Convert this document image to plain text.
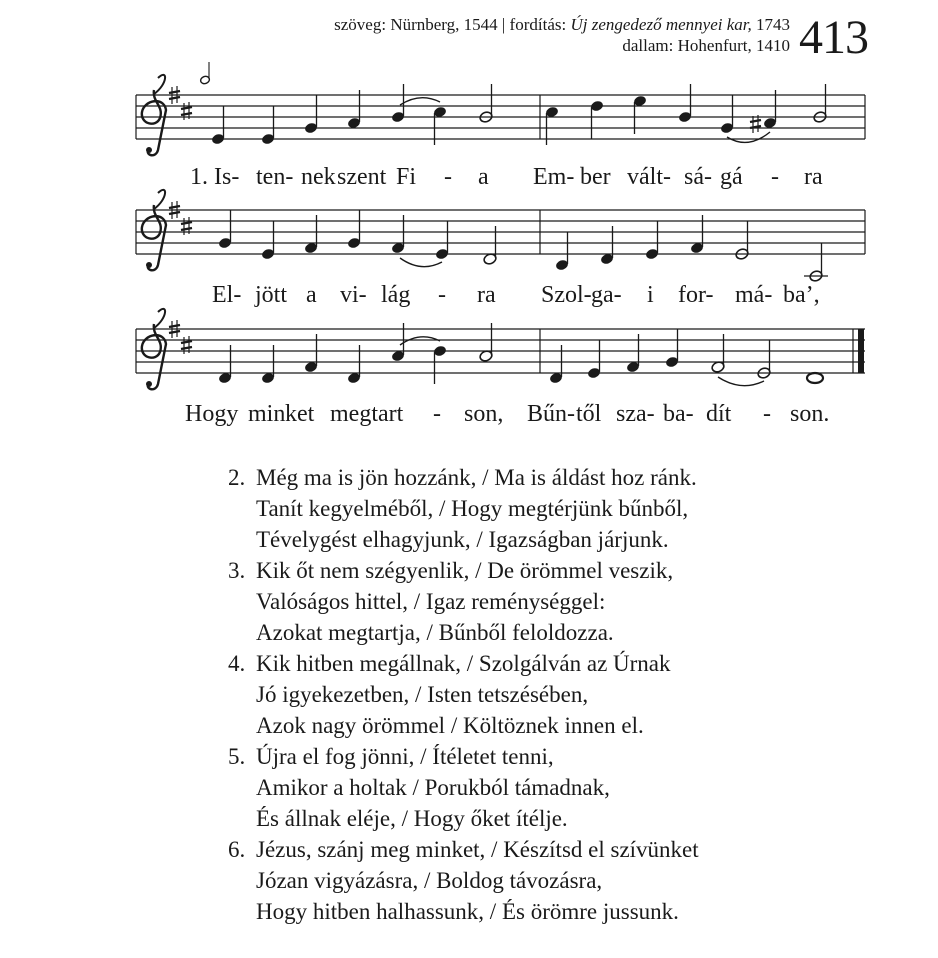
szöveg: Nürnberg, 1544 | fordítás: Új zengedező mennyei kar, 1743
dallam: Hohenfurt, 1410 413
1. Is- ten- nek szent Fi - a Em- ber vált- sá- gá - ra
El- jött a vi- lág - ra Szol- ga- i for- má- ba’,
Hogy min ket megtart - son, Bűn- től sza- ba- dít - son.
2. Még ma is jön hozzánk, / Ma is áldást hoz ránk.
Tanít kegyelméből, / Hogy megtérjünk bűnből,
Tévelygést elhagyjunk, / Igazságban járjunk.
3. Kik őt nem szégyenlik, / De örömmel veszik,
Valóságos hittel, / Igaz reménységgel:
Azokat megtartja, / Bűnből feloldozza.
4. Kik hitben megállnak, / Szolgálván az Úrnak
Jó igyekezetben, / Isten tetszésében,
Azok nagy örömmel / Költöznek innen el.
5. Újra el fog jönni, / Ítéletet tenni,
Amikor a holtak / Porukból támadnak,
És állnak eléje, / Hogy őket ítélje.
6. Jézus, szánj meg minket, / Készítsd el szívünket
Józan vigyázásra, / Boldog távozásra,
Hogy hitben halhassunk, / És örömre jussunk.
